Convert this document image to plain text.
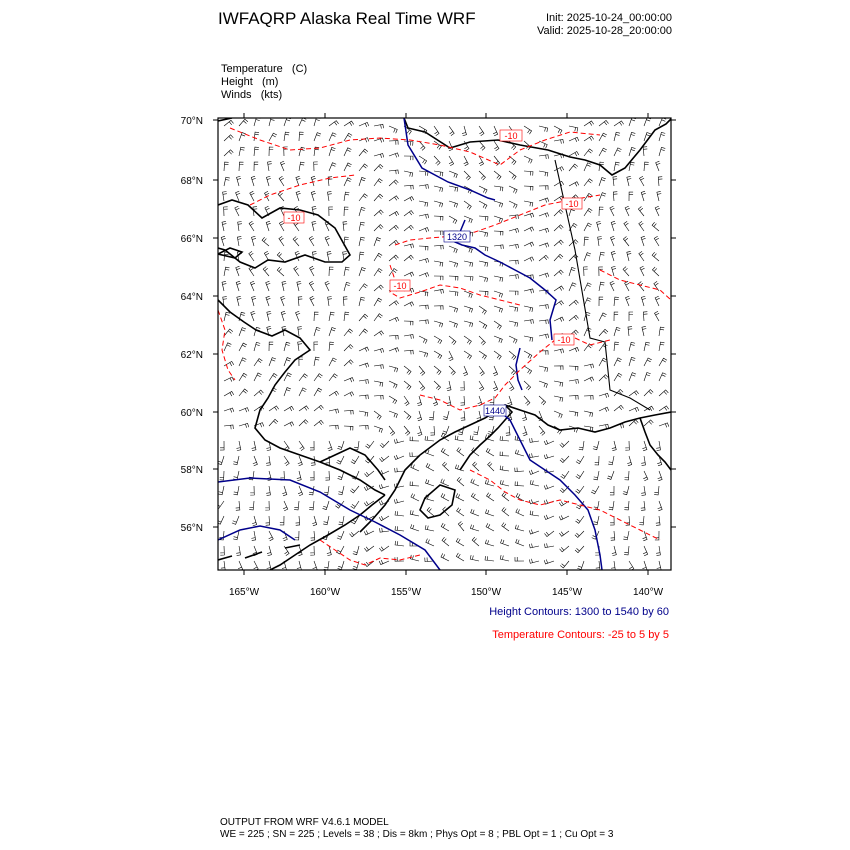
IWFAQRP Alaska Real Time WRF	Init: 2025-10-24_00:00:00
Valid: 2025-10-28_20:00:00
Temperature   (C)
Height   (m)
Winds   (kts)
1320
1440
-10
-10
-10
-10
-10
70°N
68°N
66°N
64°N
62°N
60°N
58°N
56°N
165°W	160°W	155°W	150°W	145°W	140°W
Height Contours: 1300 to 1540 by 60
Temperature Contours: -25 to 5 by 5
OUTPUT FROM WRF V4.6.1 MODEL
WE = 225 ; SN = 225 ; Levels = 38 ; Dis = 8km ; Phys Opt = 8 ; PBL Opt = 1 ; Cu Opt = 3
